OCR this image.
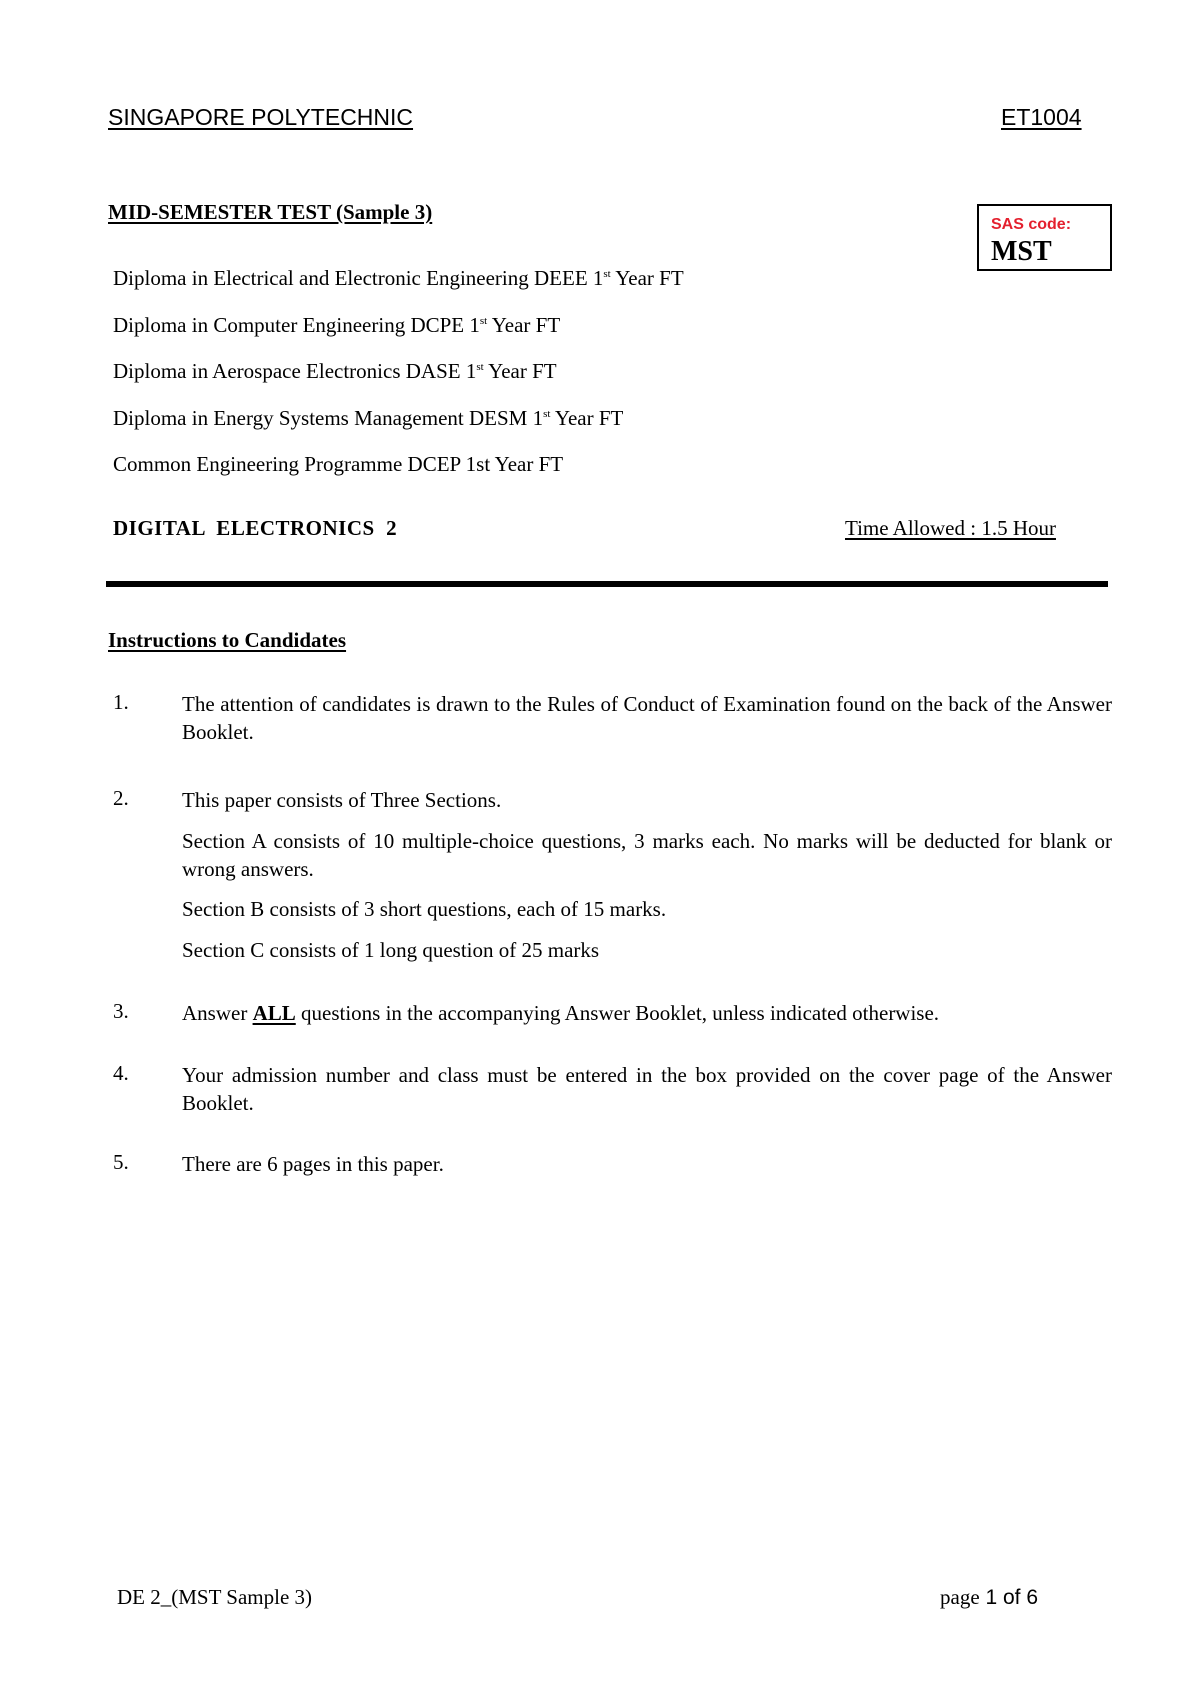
SINGAPORE POLYTECHNIC	ET1004
MID-SEMESTER TEST (Sample 3)
SAS code:
MST
Diploma in Electrical and Electronic Engineering DEEE 1st Year FT
Diploma in Computer Engineering DCPE 1st Year FT
Diploma in Aerospace Electronics DASE 1st Year FT
Diploma in Energy Systems Management DESM 1st Year FT
Common Engineering Programme DCEP 1st Year FT
DIGITAL  ELECTRONICS  2	Time Allowed : 1.5 Hour
Instructions to Candidates
1.	The attention of candidates is drawn to the Rules of Conduct of Examination found on the back of the Answer Booklet.
2.	This paper consists of Three Sections.
Section A consists of 10 multiple-choice questions, 3 marks each. No marks will be deducted for blank or wrong answers.
Section B consists of 3 short questions, each of 15 marks.
Section C consists of 1 long question of 25 marks
3.	Answer ALL questions in the accompanying Answer Booklet, unless indicated otherwise.
4.	Your admission number and class must be entered in the box provided on the cover page of the Answer Booklet.
5.	There are 6 pages in this paper.
DE 2_(MST Sample 3)	page 1 of 6
